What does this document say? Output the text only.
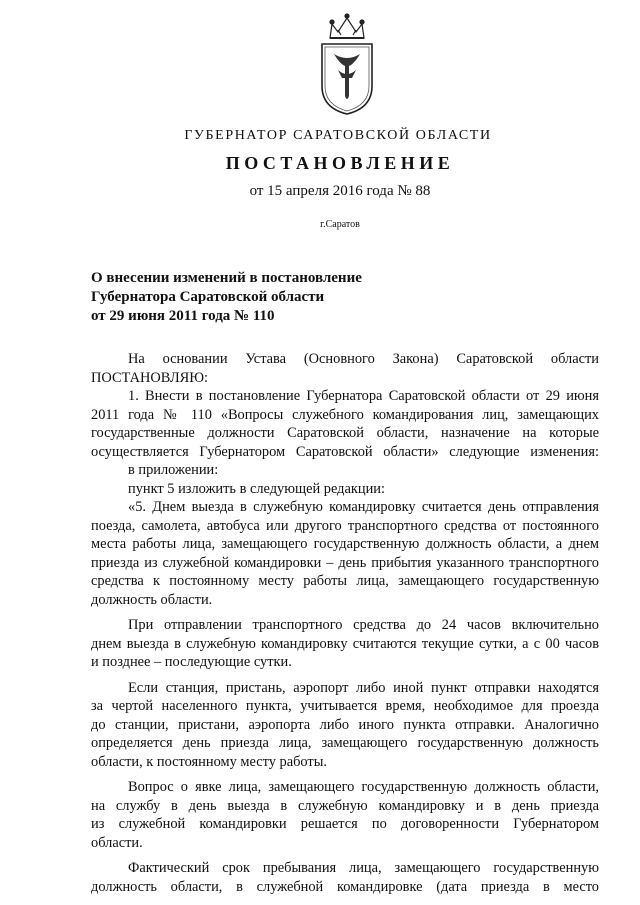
ГУБЕРНАТОР САРАТОВСКОЙ ОБЛАСТИ
ПОСТАНОВЛЕНИЕ
от 15 апреля 2016 года № 88
г.Саратов
О внесении изменений в постановление
Губернатора Саратовской области
от 29 июня 2011 года № 110

На основании Устава (Основного Закона) Саратовской области

ПОСТАНОВЛЯЮ:

1. Внести в постановление Губернатора Саратовской области от 29 июня

2011 года № 110 «Вопросы служебного командирования лиц, замещающих

государственные должности Саратовской области, назначение на которые

осуществляется Губернатором Саратовской области» следующие изменения:

в приложении:

пункт 5 изложить в следующей редакции:

«5. Днем выезда в служебную командировку считается день отправления

поезда, самолета, автобуса или другого транспортного средства от постоянного

места работы лица, замещающего государственную должность области, а днем

приезда из служебной командировки – день прибытия указанного транспортного

средства к постоянному месту работы лица, замещающего государственную

должность области.

При отправлении транспортного средства до 24 часов включительно

днем выезда в служебную командировку считаются текущие сутки, а с 00 часов

и позднее – последующие сутки.

Если станция, пристань, аэропорт либо иной пункт отправки находятся

за чертой населенного пункта, учитывается время, необходимое для проезда

до станции, пристани, аэропорта либо иного пункта отправки. Аналогично

определяется день приезда лица, замещающего государственную должность

области, к постоянному месту работы.

Вопрос о явке лица, замещающего государственную должность области,

на службу в день выезда в служебную командировку и в день приезда

из служебной командировки решается по договоренности Губернатором

области.

Фактический срок пребывания лица, замещающего государственную

должность области, в служебной командировке (дата приезда в место
